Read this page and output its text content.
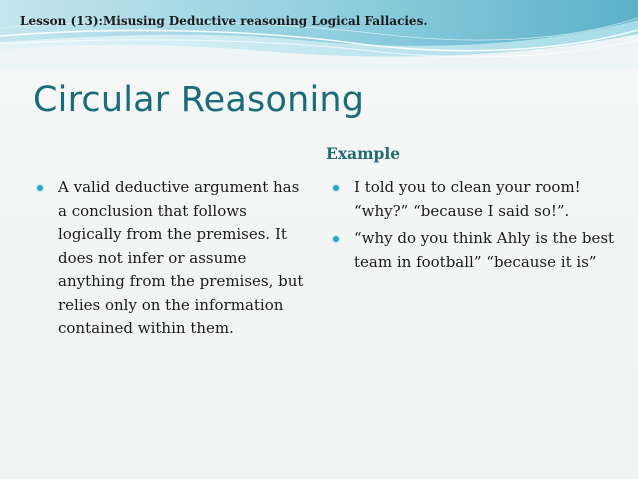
Lesson (13):Misusing Deductive reasoning Logical Fallacies.
Circular Reasoning
Example
A valid deductive argument has a conclusion that follows logically from the premises. It does not infer or assume anything from the premises, but relies only on the information contained within them.
I told you to clean your room! “why?” “because I said so!”.
“why do you think Ahly is the best team in football” “because it is”
